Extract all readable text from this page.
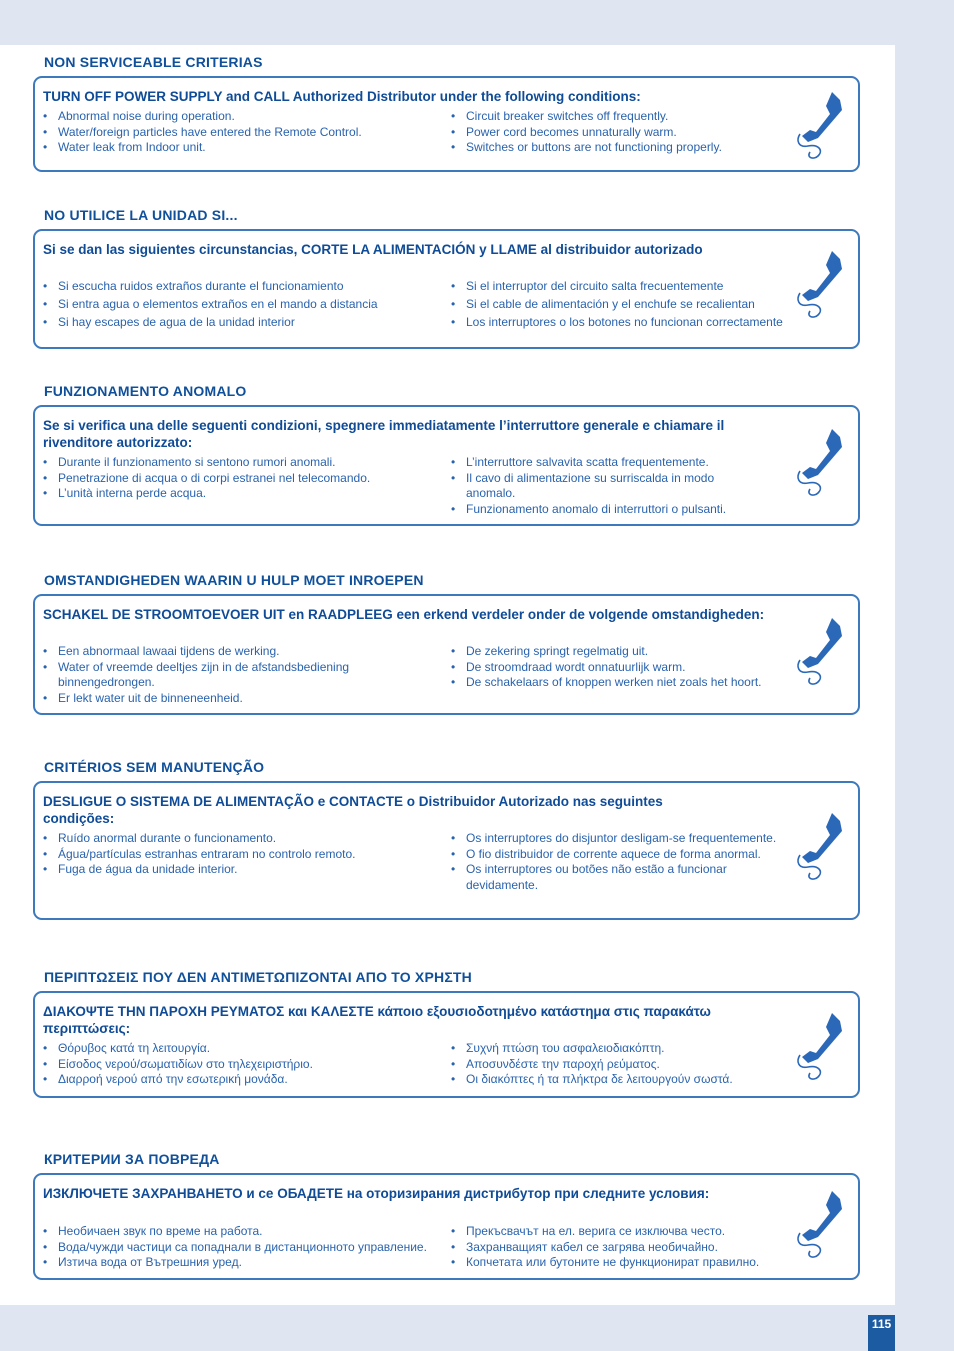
NON SERVICEABLE CRITERIAS
TURN OFF POWER SUPPLY and CALL Authorized Distributor under the following conditions:
• Abnormal noise during operation.
• Water/foreign particles have entered the Remote Control.
• Water leak from Indoor unit.
• Circuit breaker switches off frequently.
• Power cord becomes unnaturally warm.
• Switches or buttons are not functioning properly.
NO UTILICE LA UNIDAD SI...
Si se dan las siguientes circunstancias, CORTE LA ALIMENTACIÓN y LLAME al distribuidor autorizado
• Si escucha ruidos extraños durante el funcionamiento
• Si entra agua o elementos extraños en el mando a distancia
• Si hay escapes de agua de la unidad interior
• Si el interruptor del circuito salta frecuentemente
• Si el cable de alimentación y el enchufe se recalientan
• Los interruptores o los botones no funcionan correctamente
FUNZIONAMENTO ANOMALO
Se si verifica una delle seguenti condizioni, spegnere immediatamente l’interruttore generale e chiamare il rivenditore autorizzato:
• Durante il funzionamento si sentono rumori anomali.
• Penetrazione di acqua o di corpi estranei nel telecomando.
• L’unità interna perde acqua.
• L’interruttore salvavita scatta frequentemente.
• Il cavo di alimentazione su surriscalda in modo anomalo.
• Funzionamento anomalo di interruttori o pulsanti.
OMSTANDIGHEDEN WAARIN U HULP MOET INROEPEN
SCHAKEL DE STROOMTOEVOER UIT en RAADPLEEG een erkend verdeler onder de volgende omstandigheden:
• Een abnormaal lawaai tijdens de werking.
• Water of vreemde deeltjes zijn in de afstandsbediening binnengedrongen.
• Er lekt water uit de binneneenheid.
• De zekering springt regelmatig uit.
• De stroomdraad wordt onnatuurlijk warm.
• De schakelaars of knoppen werken niet zoals het hoort.
CRITÉRIOS SEM MANUTENÇÃO
DESLIGUE O SISTEMA DE ALIMENTAÇÃO e CONTACTE o Distribuidor Autorizado nas seguintes condições:
• Ruído anormal durante o funcionamento.
• Água/partículas estranhas entraram no controlo remoto.
• Fuga de água da unidade interior.
• Os interruptores do disjuntor desligam-se frequentemente.
• O fio distribuidor de corrente aquece de forma anormal.
• Os interruptores ou botões não estão a funcionar devidamente.
ΠΕΡΙΠΤΩΣΕΙΣ ΠΟΥ ΔΕΝ ΑΝΤΙΜΕΤΩΠΙΖΟΝΤΑΙ ΑΠΟ ΤΟ ΧΡΗΣΤΗ
ΔΙΑΚΟΨΤΕ ΤΗΝ ΠΑΡΟΧΗ ΡΕΥΜΑΤΟΣ και ΚΑΛΕΣΤΕ κάποιο εξουσιοδοτημένο κατάστημα στις παρακάτω περιπτώσεις:
• Θόρυβος κατά τη λειτουργία.
• Είσοδος νερού/σωματιδίων στο τηλεχειριστήριο.
• Διαρροή νερού από την εσωτερική μονάδα.
• Συχνή πτώση του ασφαλειοδιακόπτη.
• Αποσυνδέστε την παροχή ρεύματος.
• Οι διακόπτες ή τα πλήκτρα δε λειτουργούν σωστά.
КРИТЕРИИ ЗА ПОВРЕДА
ИЗКЛЮЧЕТЕ ЗАХРАНВАНЕТО и се ОБАДЕТЕ на оторизирания дистрибутор при следните условия:
• Необичаен звук по време на работа.
• Вода/чужди частици са попаднали в дистанционното управление.
• Изтича вода от Вътрешния уред.
• Прекъсвачът на ел. верига се изключва често.
• Захранващият кабел се загрява необичайно.
• Копчетата или бутоните не функционират правилно.
115
